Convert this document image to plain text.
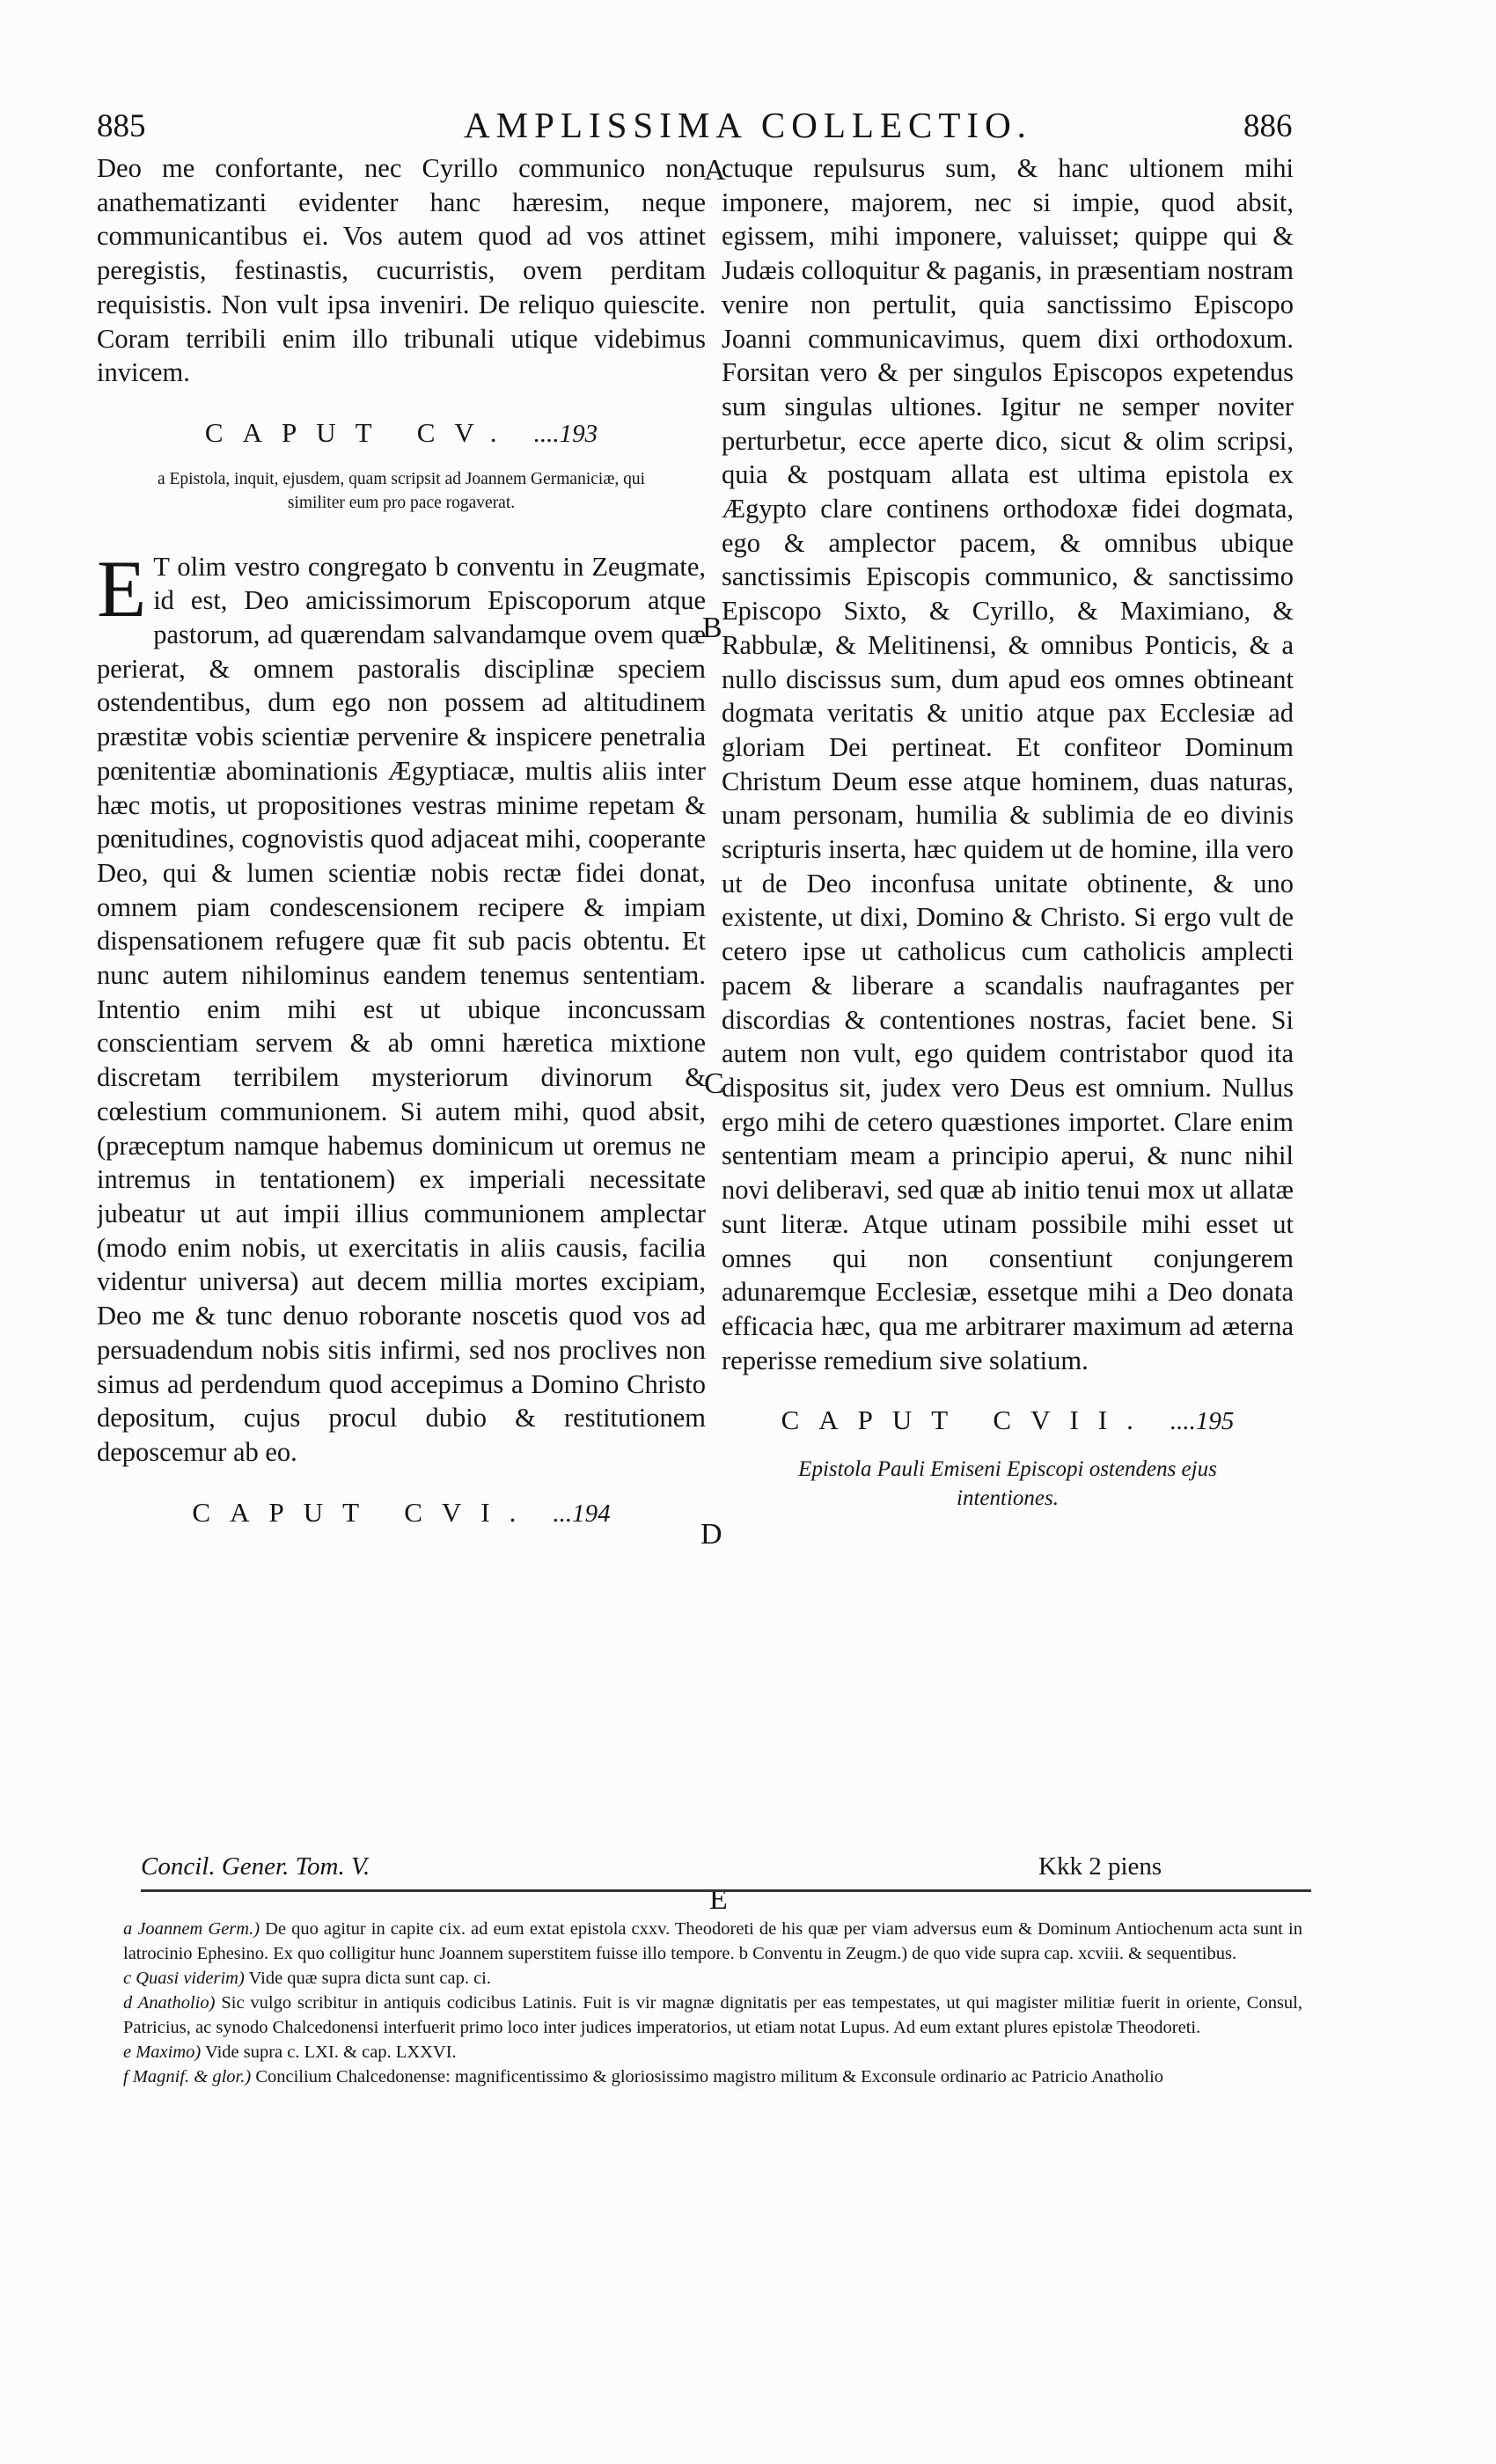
885	AMPLISSIMA COLLECTIO.	886
A
B
C
D
E

Deo me confortante, nec Cyrillo communico non anathematizanti evidenter hanc hæresim, neque communicantibus ei. Vos autem quod ad vos attinet peregistis, festinastis, cucurristis, ovem perditam requisistis. Non vult ipsa inveniri. De reliquo quiescite. Coram terribili enim illo tribunali utique videbimus invicem.

CAPUT CV. ....193
a Epistola, inquit, ejusdem, quam scripsit ad Joannem Germaniciæ, qui similiter eum pro pace rogaverat.

E T olim vestro congregato b conventu in Zeugmate, id est, Deo amicissimorum Episcoporum atque pastorum, ad quærendam salvandamque ovem quæ perierat, & omnem pastoralis disciplinæ speciem ostendentibus, dum ego non possem ad altitudinem præstitæ vobis scientiæ pervenire & inspicere penetralia pœnitentiæ abominationis Ægyptiacæ, multis aliis inter hæc motis, ut propositiones vestras minime repetam & pœnitudines, cognovistis quod adjaceat mihi, cooperante Deo, qui & lumen scientiæ nobis rectæ fidei donat, omnem piam condescensionem recipere & impiam dispensationem refugere quæ fit sub pacis obtentu. Et nunc autem nihilominus eandem tenemus sententiam. Intentio enim mihi est ut ubique inconcussam conscientiam servem & ab omni hæretica mixtione discretam terribilem mysteriorum divinorum & cœlestium communionem. Si autem mihi, quod absit, (præceptum namque habemus dominicum ut oremus ne intremus in tentationem) ex imperiali necessitate jubeatur ut aut impii illius communionem amplectar (modo enim nobis, ut exercitatis in aliis causis, facilia videntur universa) aut decem millia mortes excipiam, Deo me & tunc denuo roborante noscetis quod vos ad persuadendum nobis sitis infirmi, sed nos proclives non simus ad perdendum quod accepimus a Domino Christo depositum, cujus procul dubio & restitutionem deposcemur ab eo.

CAPUT CVI. ...194

ctuque repulsurus sum, & hanc ultionem mihi imponere, majorem, nec si impie, quod absit, egissem, mihi imponere, valuisset; quippe qui & Judæis colloquitur & paganis, in præsentiam nostram venire non pertulit, quia sanctissimo Episcopo Joanni communicavimus, quem dixi orthodoxum. Forsitan vero & per singulos Episcopos expetendus sum singulas ultiones. Igitur ne semper noviter perturbetur, ecce aperte dico, sicut & olim scripsi, quia & postquam allata est ultima epistola ex Ægypto clare continens orthodoxæ fidei dogmata, ego & amplector pacem, & omnibus ubique sanctissimis Episcopis communico, & sanctissimo Episcopo Sixto, & Cyrillo, & Maximiano, & Rabbulæ, & Melitinensi, & omnibus Ponticis, & a nullo discissus sum, dum apud eos omnes obtineant dogmata veritatis & unitio atque pax Ecclesiæ ad gloriam Dei pertineat. Et confiteor Dominum Christum Deum esse atque hominem, duas naturas, unam personam, humilia & sublimia de eo divinis scripturis inserta, hæc quidem ut de homine, illa vero ut de Deo inconfusa unitate obtinente, & uno existente, ut dixi, Domino & Christo. Si ergo vult de cetero ipse ut catholicus cum catholicis amplecti pacem & liberare a scandalis naufragantes per discordias & contentiones nostras, faciet bene. Si autem non vult, ego quidem contristabor quod ita dispositus sit, judex vero Deus est omnium. Nullus ergo mihi de cetero quæstiones importet. Clare enim sententiam meam a principio aperui, & nunc nihil novi deliberavi, sed quæ ab initio tenui mox ut allatæ sunt literæ. Atque utinam possibile mihi esset ut omnes qui non consentiunt conjungerem adunaremque Ecclesiæ, essetque mihi a Deo donata efficacia hæc, qua me arbitrarer maximum ad æterna reperisse remedium sive solatium.

CAPUT CVII. ....195
Epistola Pauli Emiseni Episcopi ostendens ejus intentiones.

Concil. Gener. Tom. V.	Kkk 2 piens
a Joannem Germ.) De quo agitur in capite cix. ad eum extat epistola cxxv. Theodoreti de his quæ per viam adversus eum & Dominum Antiochenum acta sunt in latrocinio Ephesino. Ex quo colligitur hunc Joannem superstitem fuisse illo tempore. b Conventu in Zeugm.) de quo vide supra cap. xcviii. & sequentibus.
c Quasi viderim) Vide quæ supra dicta sunt cap. ci.
d Anatholio) Sic vulgo scribitur in antiquis codicibus Latinis. Fuit is vir magnæ dignitatis per eas tempestates, ut qui magister militiæ fuerit in oriente, Consul, Patricius, ac synodo Chalcedonensi interfuerit primo loco inter judices imperatorios, ut etiam notat Lupus. Ad eum extant plures epistolæ Theodoreti.
e Maximo) Vide supra c. LXI. & cap. LXXVI.
f Magnif. & glor.) Concilium Chalcedonense: magnificentissimo & gloriosissimo magistro militum & Exconsule ordinario ac Patricio Anatholio
